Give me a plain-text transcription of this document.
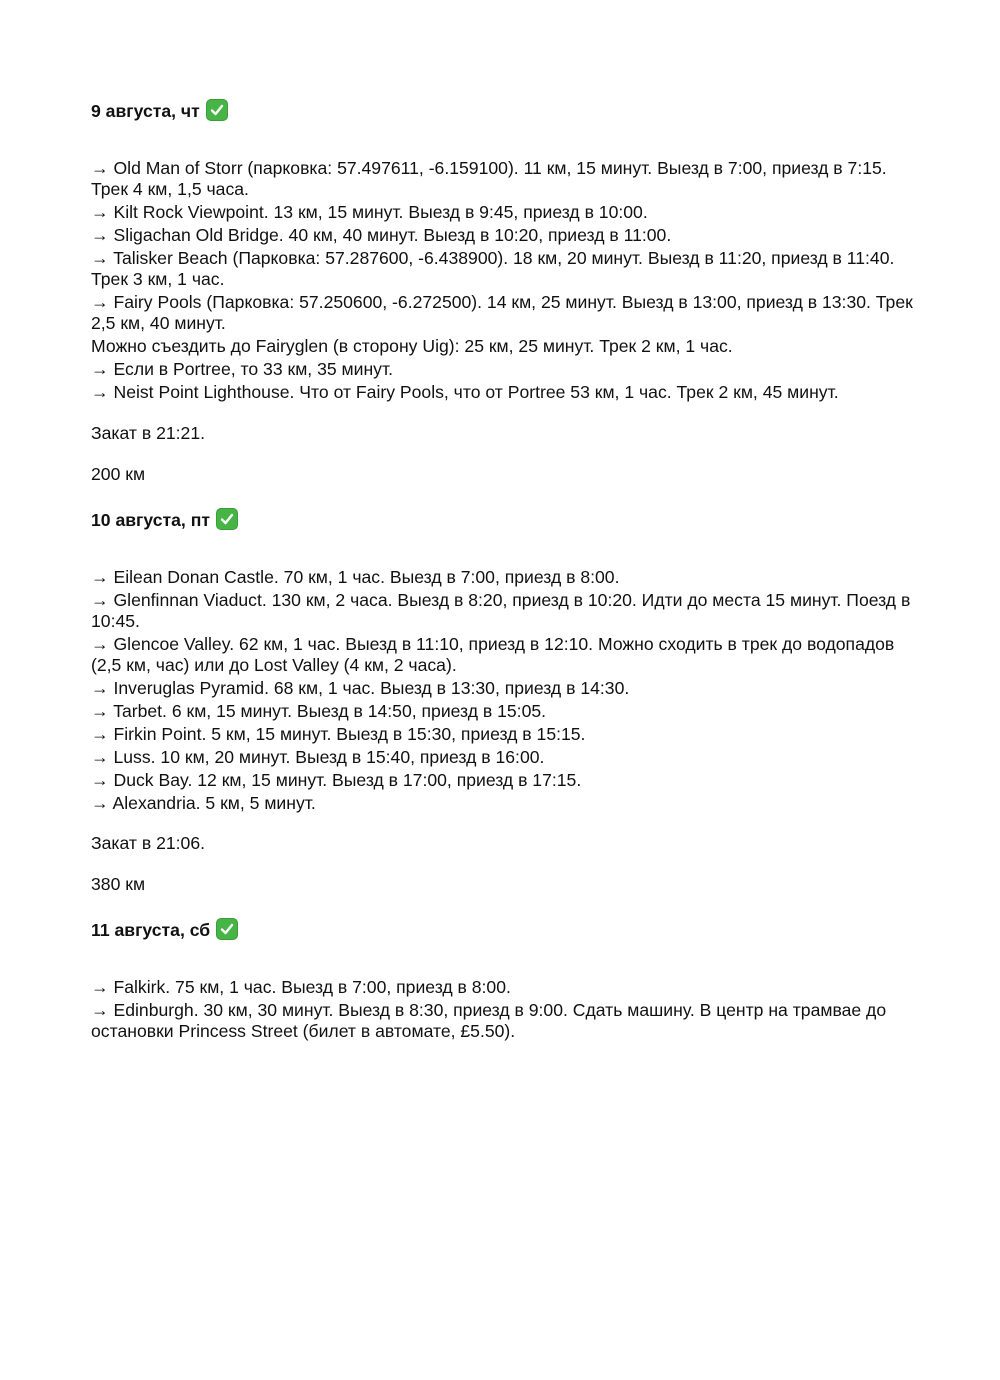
9 августа, чт

→ Old Man of Storr (парковка: 57.497611, -6.159100). 11 км, 15 минут. Выезд в 7:00, приезд в 7:15. Трек 4 км, 1,5 часа.

→ Kilt Rock Viewpoint. 13 км, 15 минут. Выезд в 9:45, приезд в 10:00.

→ Sligachan Old Bridge. 40 км, 40 минут. Выезд в 10:20, приезд в 11:00.

→ Talisker Beach (Парковка: 57.287600, -6.438900). 18 км, 20 минут. Выезд в 11:20, приезд в 11:40. Трек 3 км, 1 час.

→ Fairy Pools (Парковка: 57.250600, -6.272500). 14 км, 25 минут. Выезд в 13:00, приезд в 13:30. Трек 2,5 км, 40 минут.

Можно съездить до Fairyglen (в сторону Uig): 25 км, 25 минут. Трек 2 км, 1 час.

→ Если в Portree, то 33 км, 35 минут.

→ Neist Point Lighthouse. Что от Fairy Pools, что от Portree 53 км, 1 час. Трек 2 км, 45 минут.

Закат в 21:21.

200 км

10 августа, пт

→ Eilean Donan Castle. 70 км, 1 час. Выезд в 7:00, приезд в 8:00.

→ Glenfinnan Viaduct. 130 км, 2 часа. Выезд в 8:20, приезд в 10:20. Идти до места 15 минут. Поезд в 10:45.

→ Glencoe Valley. 62 км, 1 час. Выезд в 11:10, приезд в 12:10. Можно сходить в трек до водопадов (2,5 км, час) или до Lost Valley (4 км, 2 часа).

→ Inveruglas Pyramid. 68 км, 1 час. Выезд в 13:30, приезд в 14:30.

→ Tarbet. 6 км, 15 минут. Выезд в 14:50, приезд в 15:05.

→ Firkin Point. 5 км, 15 минут. Выезд в 15:30, приезд в 15:15.

→ Luss. 10 км, 20 минут. Выезд в 15:40, приезд в 16:00.

→ Duck Bay. 12 км, 15 минут. Выезд в 17:00, приезд в 17:15.

→ Alexandria. 5 км, 5 минут.

Закат в 21:06.

380 км

11 августа, сб

→ Falkirk. 75 км, 1 час. Выезд в 7:00, приезд в 8:00.

→ Edinburgh. 30 км, 30 минут. Выезд в 8:30, приезд в 9:00. Сдать машину. В центр на трамвае до остановки Princess Street (билет в автомате, £5.50).
